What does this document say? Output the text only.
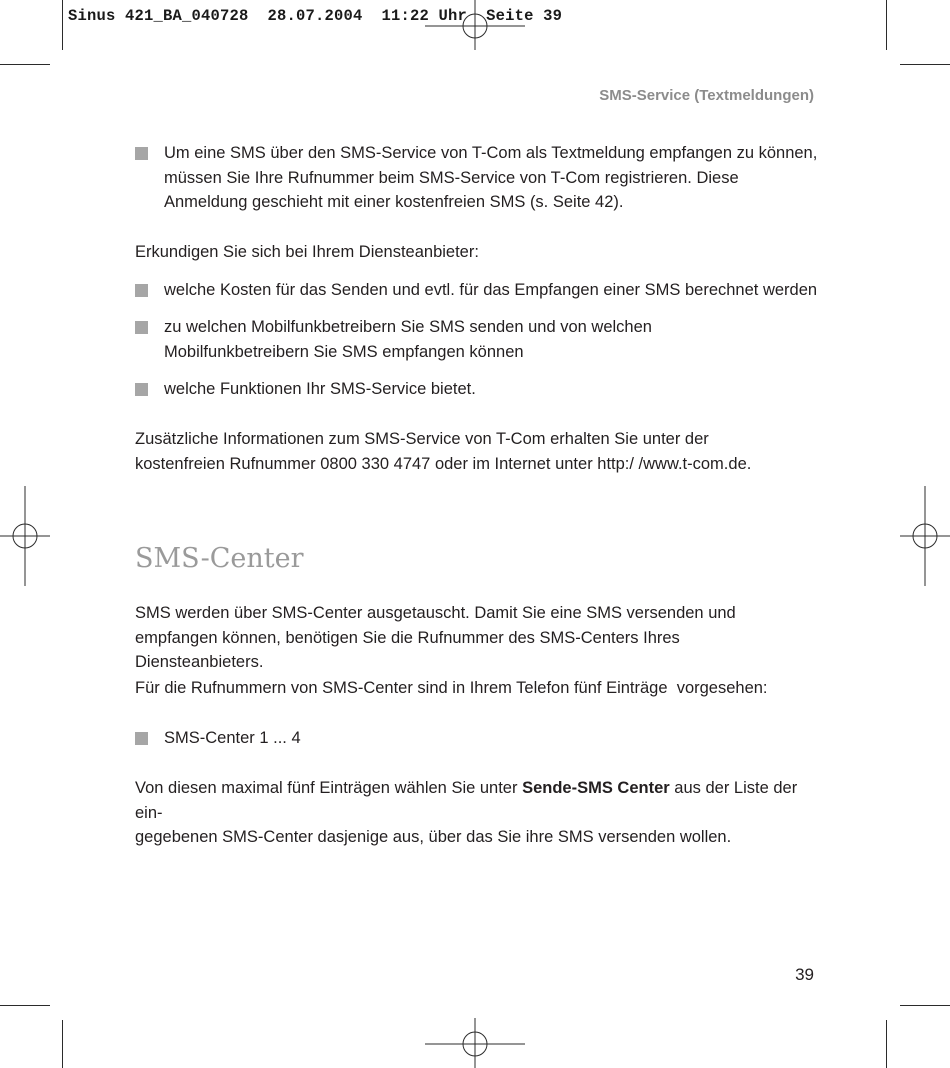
Sinus 421_BA_040728  28.07.2004  11:22 Uhr  Seite 39
SMS-Service (Textmeldungen)
Um eine SMS über den SMS-Service von T-Com als Textmeldung empfangen zu können, müssen Sie Ihre Rufnummer beim SMS-Service von T-Com registrieren. Diese Anmeldung geschieht mit einer kostenfreien SMS (s. Seite 42).
Erkundigen Sie sich bei Ihrem Diensteanbieter:
welche Kosten für das Senden und evtl. für das Empfangen einer SMS berechnet werden
zu welchen Mobilfunkbetreibern Sie SMS senden und von welchen Mobilfunkbetreibern Sie SMS empfangen können
welche Funktionen Ihr SMS-Service bietet.
Zusätzliche Informationen zum SMS-Service von T-Com erhalten Sie unter der
kostenfreien Rufnummer 0800 330 4747 oder im Internet unter http:/ /www.t-com.de.
SMS-Center
SMS werden über SMS-Center ausgetauscht. Damit Sie eine SMS versenden und empfangen können, benötigen Sie die Rufnummer des SMS-Centers Ihres Diensteanbieters.
Für die Rufnummern von SMS-Center sind in Ihrem Telefon fünf Einträge  vorgesehen:
SMS-Center 1 ... 4
Von diesen maximal fünf Einträgen wählen Sie unter Sende-SMS Center aus der Liste der ein-
gegebenen SMS-Center dasjenige aus, über das Sie ihre SMS versenden wollen.
39
